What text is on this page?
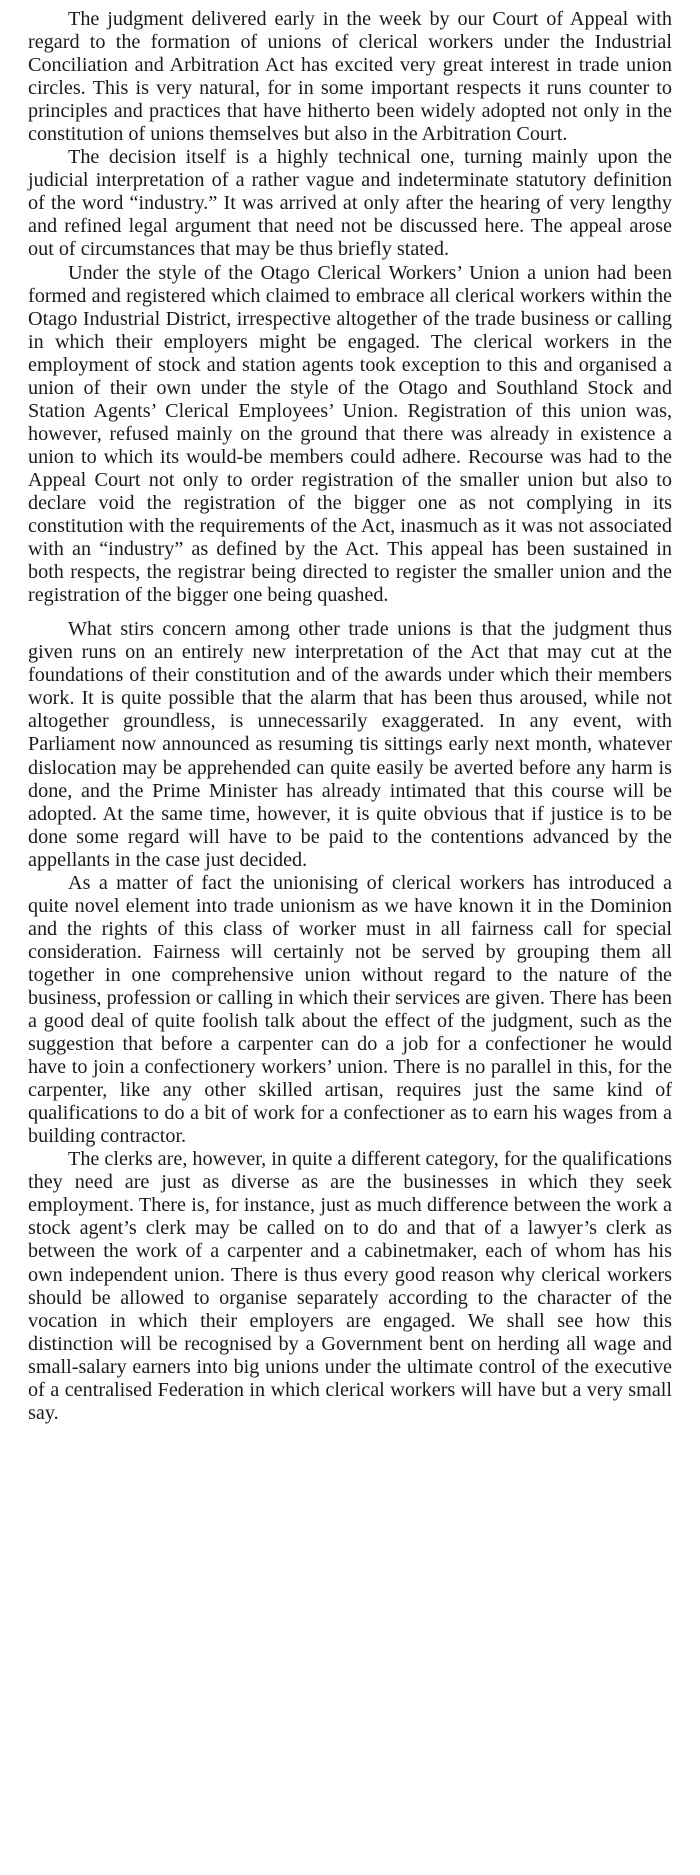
The judgment delivered early in the week by our Court of Appeal with regard to the formation of unions of clerical workers under the Industrial Conciliation and Arbitration Act has excited very great interest in trade union circles. This is very natural, for in some important respects it runs counter to principles and practices that have hitherto been widely adopted not only in the constitution of unions themselves but also in the Arbitration Court.

The decision itself is a highly technical one, turning mainly upon the judicial interpretation of a rather vague and indeterminate statutory definition of the word “industry.” It was arrived at only after the hearing of very lengthy and refined legal argument that need not be discussed here. The appeal arose out of circumstances that may be thus briefly stated.

Under the style of the Otago Clerical Workers’ Union a union had been formed and registered which claimed to embrace all clerical workers within the Otago Industrial District, irrespective altogether of the trade business or calling in which their employers might be engaged. The clerical workers in the employment of stock and station agents took exception to this and organised a union of their own under the style of the Otago and Southland Stock and Station Agents’ Clerical Employees’ Union. Registration of this union was, however, refused mainly on the ground that there was already in existence a union to which its would-be members could adhere. Recourse was had to the Appeal Court not only to order registration of the smaller union but also to declare void the registration of the bigger one as not complying in its constitution with the requirements of the Act, inasmuch as it was not associated with an “industry” as defined by the Act. This appeal has been sustained in both respects, the registrar being directed to register the smaller union and the registration of the bigger one being quashed.

What stirs concern among other trade unions is that the judgment thus given runs on an entirely new interpretation of the Act that may cut at the foundations of their constitution and of the awards under which their members work. It is quite possible that the alarm that has been thus aroused, while not altogether groundless, is unnecessarily exaggerated. In any event, with Parliament now announced as resuming tis sittings early next month, whatever dislocation may be apprehended can quite easily be averted before any harm is done, and the Prime Minister has already intimated that this course will be adopted. At the same time, however, it is quite obvious that if justice is to be done some regard will have to be paid to the contentions advanced by the appellants in the case just decided.

As a matter of fact the unionising of clerical workers has introduced a quite novel element into trade unionism as we have known it in the Dominion and the rights of this class of worker must in all fairness call for special consideration. Fairness will certainly not be served by grouping them all together in one comprehensive union without regard to the nature of the business, profession or calling in which their services are given. There has been a good deal of quite foolish talk about the effect of the judgment, such as the suggestion that before a carpenter can do a job for a confectioner he would have to join a confectionery workers’ union. There is no parallel in this, for the carpenter, like any other skilled artisan, requires just the same kind of qualifications to do a bit of work for a confectioner as to earn his wages from a building contractor.

The clerks are, however, in quite a different category, for the qualifications they need are just as diverse as are the businesses in which they seek employment. There is, for instance, just as much difference between the work a stock agent’s clerk may be called on to do and that of a lawyer’s clerk as between the work of a carpenter and a cabinetmaker, each of whom has his own independent union. There is thus every good reason why clerical workers should be allowed to organise separately according to the character of the vocation in which their employers are engaged. We shall see how this distinction will be recognised by a Government bent on herding all wage and small-salary earners into big unions under the ultimate control of the executive of a centralised Federation in which clerical workers will have but a very small say.
